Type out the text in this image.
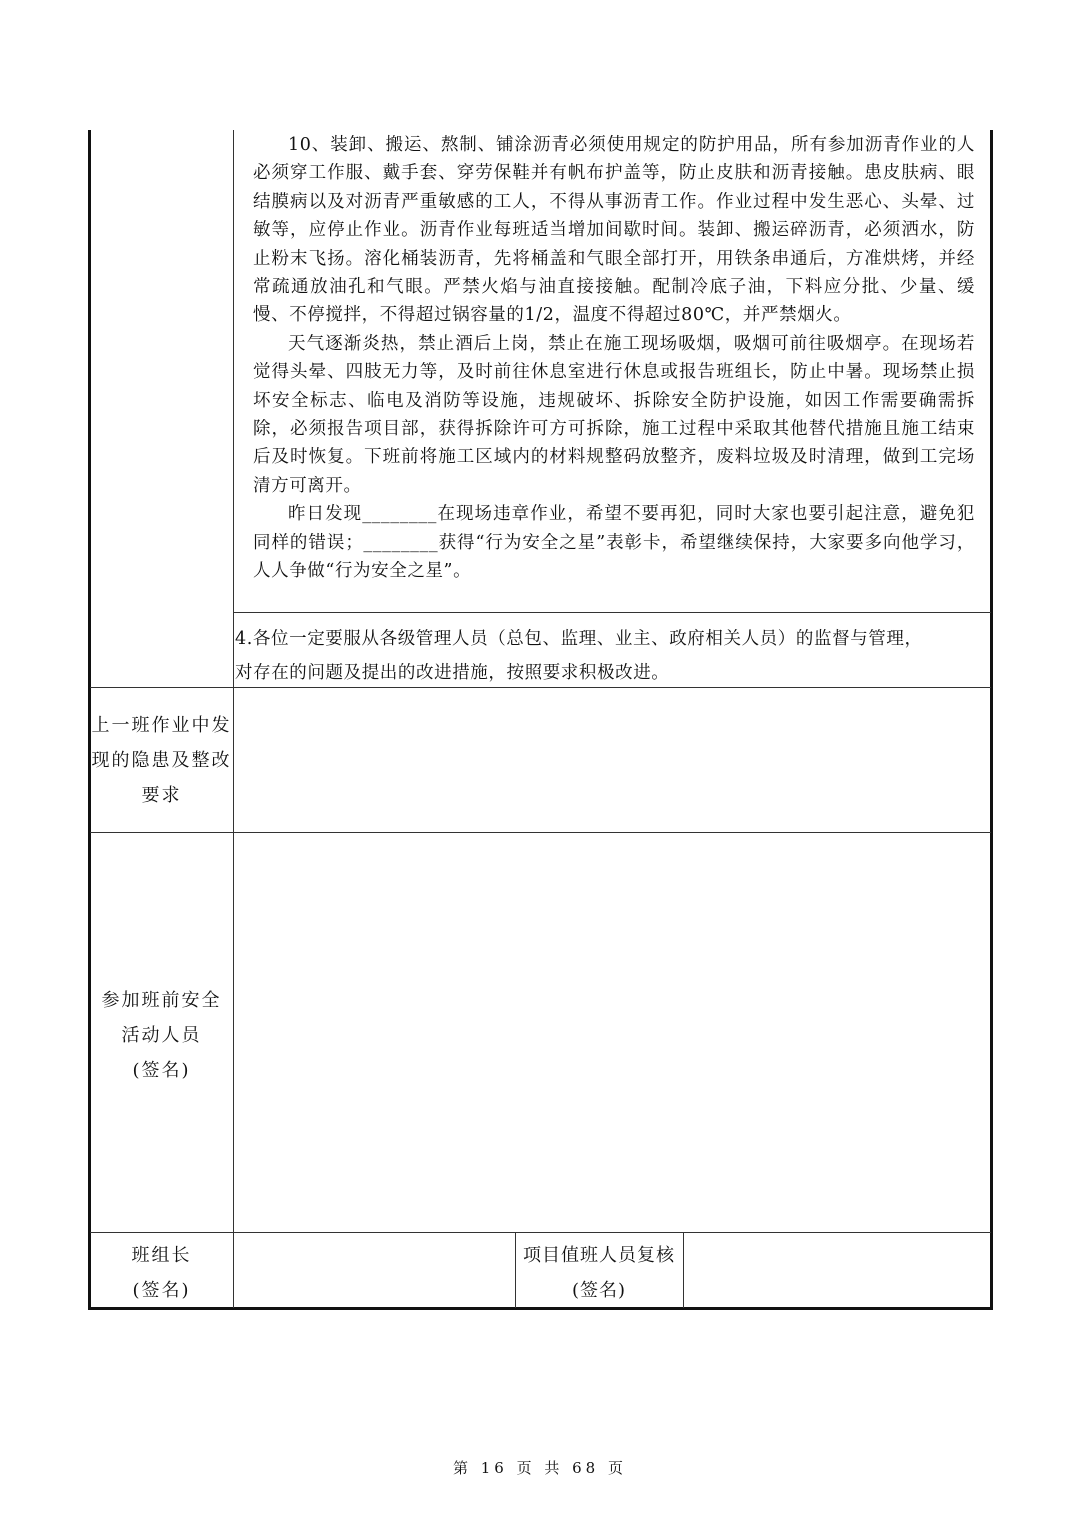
10、装卸、搬运、熬制、铺涂沥青必须使用规定的防护用品，所有参加沥青作业的人必须穿工作服、戴手套、穿劳保鞋并有帆布护盖等，防止皮肤和沥青接触。患皮肤病、眼结膜病以及对沥青严重敏感的工人，不得从事沥青工作。作业过程中发生恶心、头晕、过敏等，应停止作业。沥青作业每班适当增加间歇时间。装卸、搬运碎沥青，必须洒水，防止粉末飞扬。溶化桶装沥青，先将桶盖和气眼全部打开，用铁条串通后，方准烘烤，并经常疏通放油孔和气眼。严禁火焰与油直接接触。配制冷底子油，下料应分批、少量、缓慢、不停搅拌，不得超过锅容量的1/2，温度不得超过80℃，并严禁烟火。

天气逐渐炎热，禁止酒后上岗，禁止在施工现场吸烟，吸烟可前往吸烟亭。在现场若觉得头晕、四肢无力等，及时前往休息室进行休息或报告班组长，防止中暑。现场禁止损坏安全标志、临电及消防等设施，违规破坏、拆除安全防护设施，如因工作需要确需拆除，必须报告项目部，获得拆除许可方可拆除，施工过程中采取其他替代措施且施工结束后及时恢复。下班前将施工区域内的材料规整码放整齐，废料垃圾及时清理，做到工完场清方可离开。

昨日发现________在现场违章作业，希望不要再犯，同时大家也要引起注意，避免犯同样的错误；________获得“行为安全之星”表彰卡，希望继续保持，大家要多向他学习，人人争做“行为安全之星”。

4.各位一定要服从各级管理人员（总包、监理、业主、政府相关人员）的监督与管理，

对存在的问题及提出的改进措施，按照要求积极改进。

上一班作业中发
现的隐患及整改
要求
参加班前安全
活动人员
(签名)
班组长
(签名)
项目值班人员复核
(签名)
第 16 页 共 68 页
